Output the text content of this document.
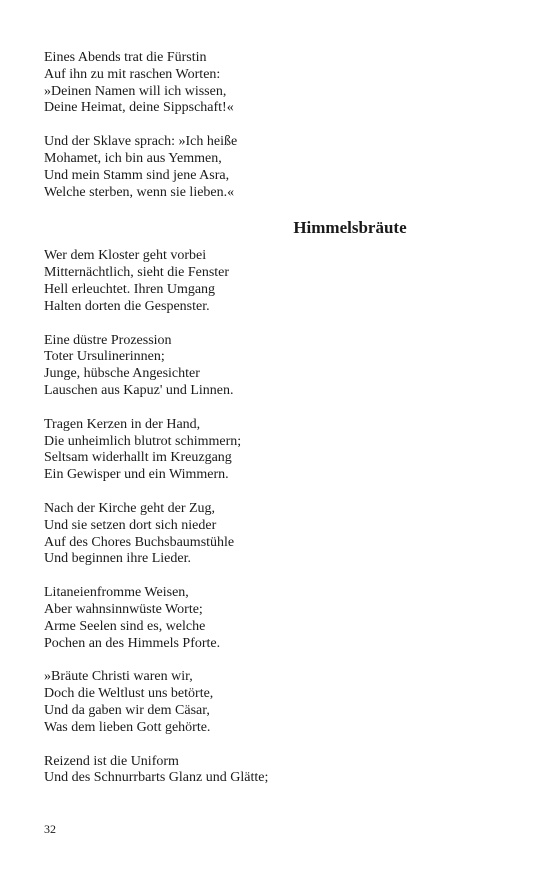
Eines Abends trat die Fürstin
Auf ihn zu mit raschen Worten:
»Deinen Namen will ich wissen,
Deine Heimat, deine Sippschaft!«
Und der Sklave sprach: »Ich heiße
Mohamet, ich bin aus Yemmen,
Und mein Stamm sind jene Asra,
Welche sterben, wenn sie lieben.«
Himmelsbräute
Wer dem Kloster geht vorbei
Mitternächtlich, sieht die Fenster
Hell erleuchtet. Ihren Umgang
Halten dorten die Gespenster.
Eine düstre Prozession
Toter Ursulinerinnen;
Junge, hübsche Angesichter
Lauschen aus Kapuz' und Linnen.
Tragen Kerzen in der Hand,
Die unheimlich blutrot schimmern;
Seltsam widerhallt im Kreuzgang
Ein Gewisper und ein Wimmern.
Nach der Kirche geht der Zug,
Und sie setzen dort sich nieder
Auf des Chores Buchsbaumstühle
Und beginnen ihre Lieder.
Litaneienfromme Weisen,
Aber wahnsinnwüste Worte;
Arme Seelen sind es, welche
Pochen an des Himmels Pforte.
»Bräute Christi waren wir,
Doch die Weltlust uns betörte,
Und da gaben wir dem Cäsar,
Was dem lieben Gott gehörte.
Reizend ist die Uniform
Und des Schnurrbarts Glanz und Glätte;
32
